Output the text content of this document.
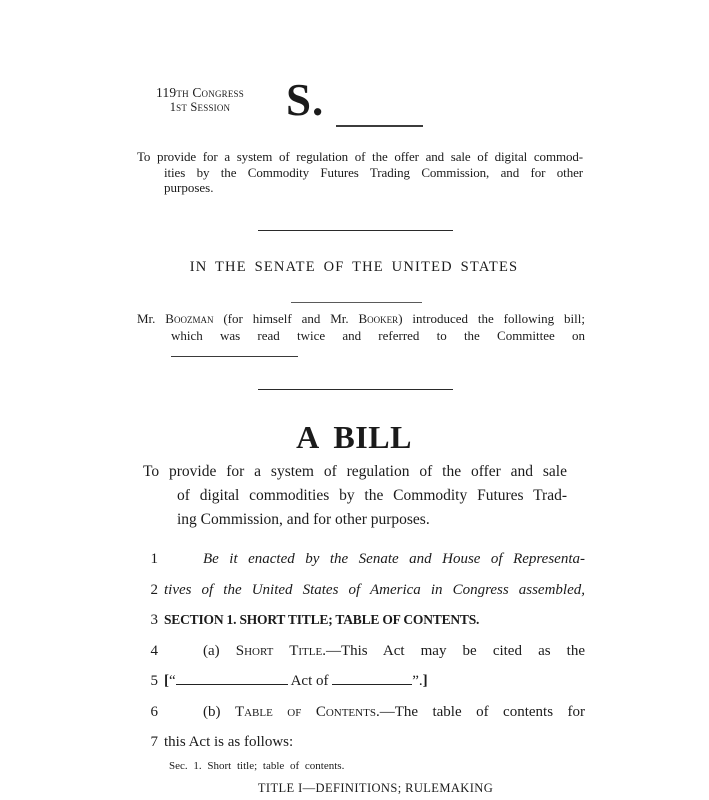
119th Congress
1st Session	S.
To provide for a system of regulation of the offer and sale of digital commod-
ities by the Commodity Futures Trading Commission, and for other
purposes.
IN THE SENATE OF THE UNITED STATES
Mr. Boozman (for himself and Mr. Booker) introduced the following bill;
which was read twice and referred to the Committee on
A BILL
To provide for a system of regulation of the offer and sale
of digital commodities by the Commodity Futures Trad-
ing Commission, and for other purposes.
1	Be it enacted by the Senate and House of Representa-
2 tives of the United States of America in Congress assembled,
3 SECTION 1. SHORT TITLE; TABLE OF CONTENTS.
4	(a) Short Title.—This Act may be cited as the
5 [“	Act of	”.]
6	(b) Table of Contents.—The table of contents for
7 this Act is as follows:
Sec. 1. Short title; table of contents.
TITLE I—DEFINITIONS; RULEMAKING
